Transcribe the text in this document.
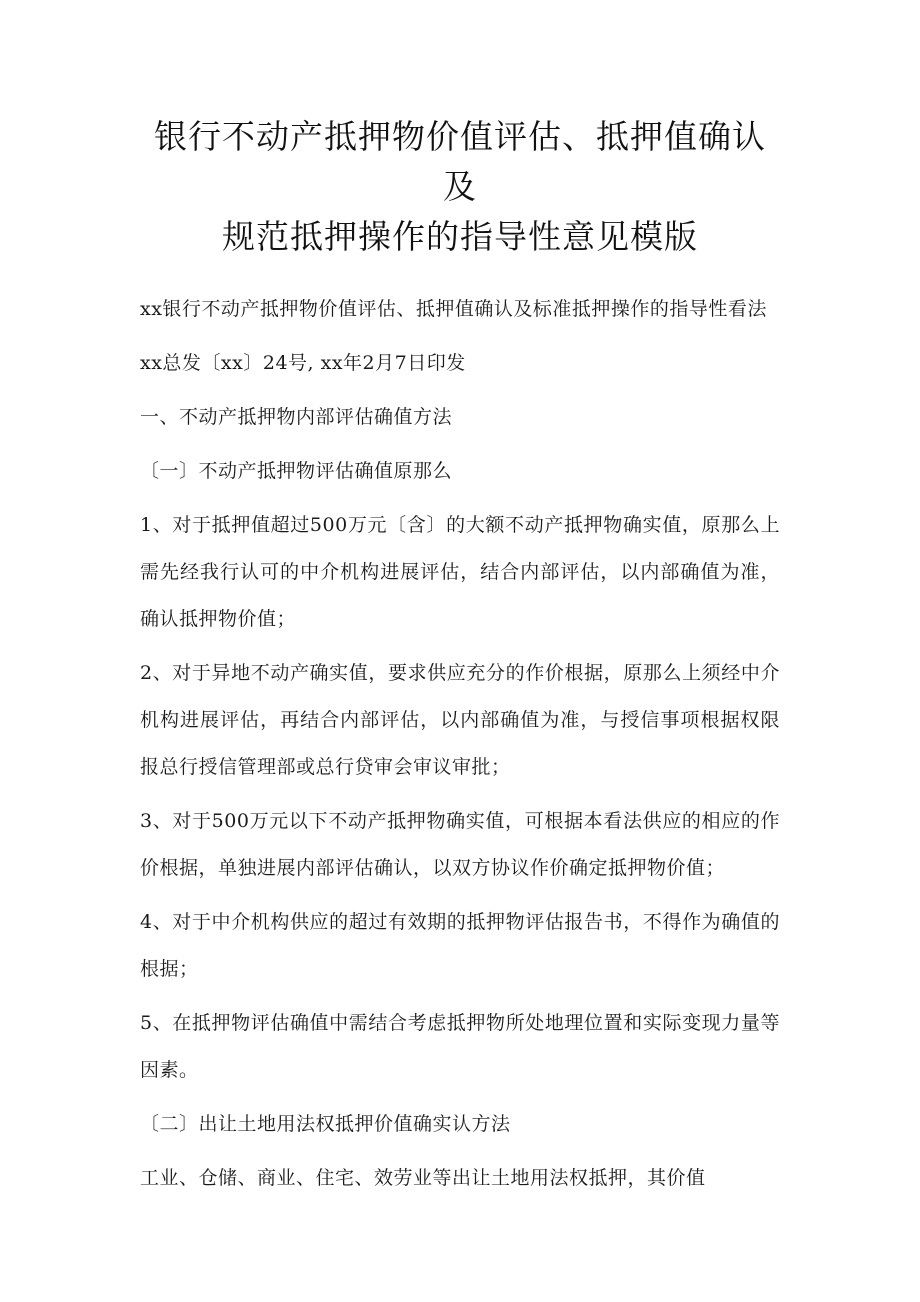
银行不动产抵押物价值评估、抵押值确认及
规范抵押操作的指导性意见模版

xx银行不动产抵押物价值评估、抵押值确认及标准抵押操作的指导性看法

xx总发〔xx〕24号, xx年2月7日印发

一、不动产抵押物内部评估确值方法

〔一〕不动产抵押物评估确值原那么

1、对于抵押值超过500万元〔含〕的大额不动产抵押物确实值，原那么上需先经我行认可的中介机构进展评估，结合内部评估，以内部确值为准，确认抵押物价值；

2、对于异地不动产确实值，要求供应充分的作价根据，原那么上须经中介机构进展评估，再结合内部评估，以内部确值为准，与授信事项根据权限报总行授信管理部或总行贷审会审议审批；

3、对于500万元以下不动产抵押物确实值，可根据本看法供应的相应的作价根据，单独进展内部评估确认，以双方协议作价确定抵押物价值；

4、对于中介机构供应的超过有效期的抵押物评估报告书，不得作为确值的根据；

5、在抵押物评估确值中需结合考虑抵押物所处地理位置和实际变现力量等因素。

〔二〕出让土地用法权抵押价值确实认方法

工业、仓储、商业、住宅、效劳业等出让土地用法权抵押，其价值
